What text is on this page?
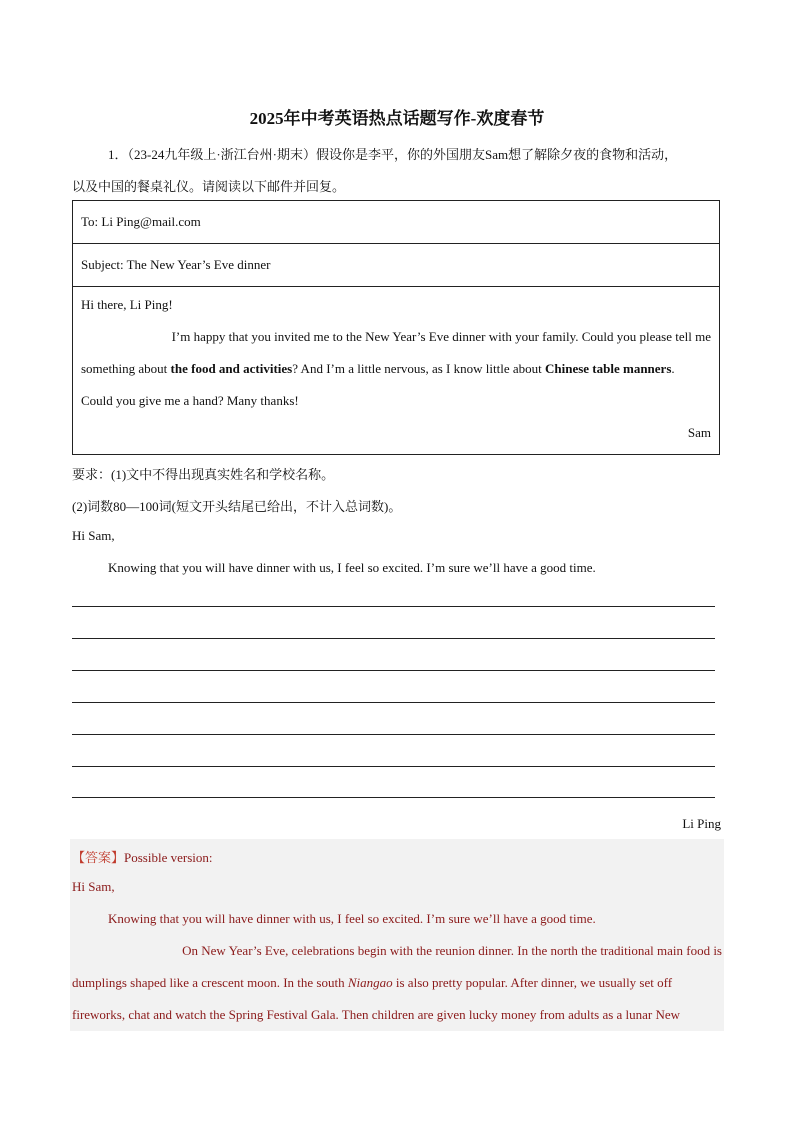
2025年中考英语热点话题写作-欢度春节
1．（23-24九年级上·浙江台州·期末）假设你是李平，你的外国朋友Sam想了解除夕夜的食物和活动，
以及中国的餐桌礼仪。请阅读以下邮件并回复。
To: Li Ping@mail.com
Subject: The New Year’s Eve dinner
Hi there, Li Ping!
I’m happy that you invited me to the New Year’s Eve dinner with your family. Could you please tell me
something about the food and activities? And I’m a little nervous, as I know little about Chinese table manners.
Could you give me a hand? Many thanks!
Sam
要求：(1)文中不得出现真实姓名和学校名称。
(2)词数80—100词(短文开头结尾已给出，不计入总词数)。
Hi Sam,
Knowing that you will have dinner with us, I feel so excited. I’m sure we’ll have a good time.
Li Ping
【答案】Possible version:
Hi Sam,
Knowing that you will have dinner with us, I feel so excited. I’m sure we’ll have a good time.
On New Year’s Eve, celebrations begin with the reunion dinner. In the north the traditional main food is
dumplings shaped like a crescent moon. In the south Niangao is also pretty popular. After dinner, we usually set off
fireworks, chat and watch the Spring Festival Gala. Then children are given lucky money from adults as a lunar New
